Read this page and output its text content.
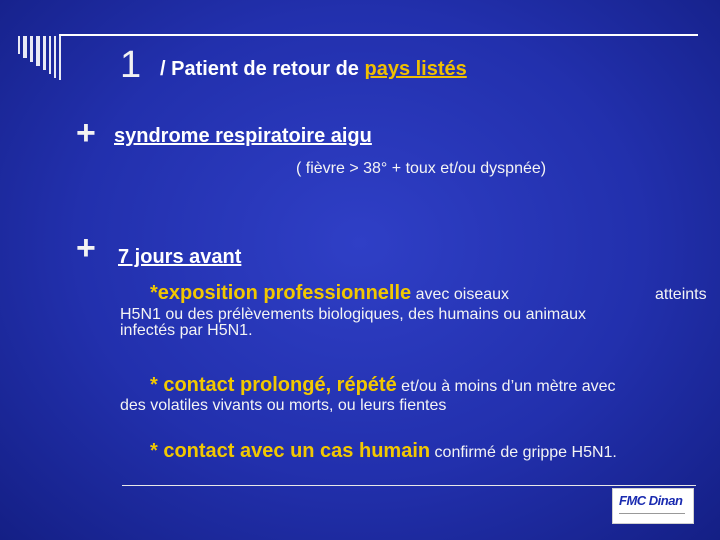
1 / Patient de retour de pays listés
+ syndrome respiratoire aigu
( fièvre > 38° + toux et/ou dyspnée)
+ 7 jours avant
*exposition professionnelle avec oiseaux	atteints
H5N1 ou des prélèvements biologiques, des humains ou animaux
infectés par H5N1.
* contact prolongé, répété et/ou à moins d’un mètre avec
des volatiles vivants ou morts, ou leurs fientes
* contact avec un cas humain confirmé de grippe H5N1.
FMC Dinan
